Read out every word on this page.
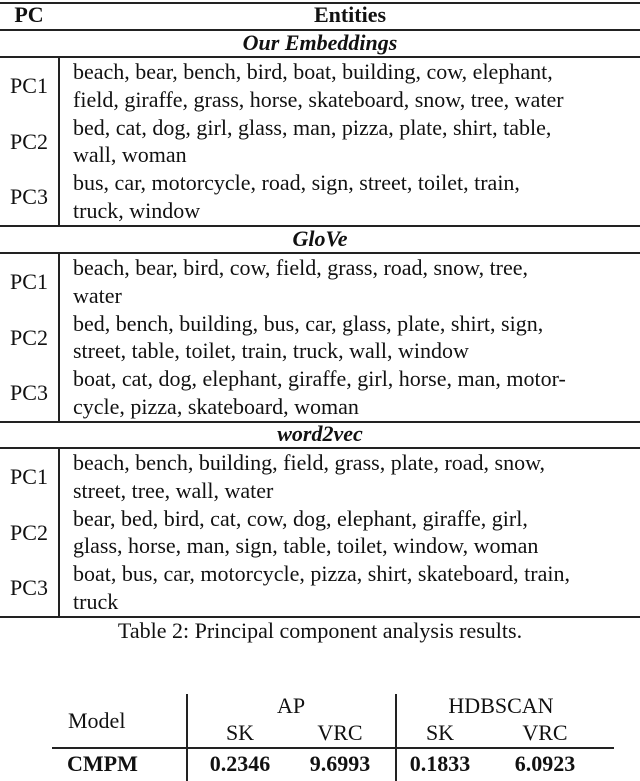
PC	Entities
Our Embeddings
PC1
beach, bear, bench, bird, boat, building, cow, elephant,
field, giraffe, grass, horse, skateboard, snow, tree, water
PC2
bed, cat, dog, girl, glass, man, pizza, plate, shirt, table,
wall, woman
PC3
bus, car, motorcycle, road, sign, street, toilet, train,
truck, window
GloVe
PC1
beach, bear, bird, cow, field, grass, road, snow, tree,
water
PC2
bed, bench, building, bus, car, glass, plate, shirt, sign,
street, table, toilet, train, truck, wall, window
PC3
boat, cat, dog, elephant, giraffe, girl, horse, man, motor-
cycle, pizza, skateboard, woman
word2vec
PC1
beach, bench, building, field, grass, plate, road, snow,
street, tree, wall, water
PC2
bear, bed, bird, cat, cow, dog, elephant, giraffe, girl,
glass, horse, man, sign, table, toilet, window, woman
PC3
boat, bus, car, motorcycle, pizza, shirt, skateboard, train,
truck
Table 2: Principal component analysis results.
Model
AP	HDBSCAN
SK	VRC	SK	VRC
CMPM	0.2346	9.6993	0.1833	6.0923
